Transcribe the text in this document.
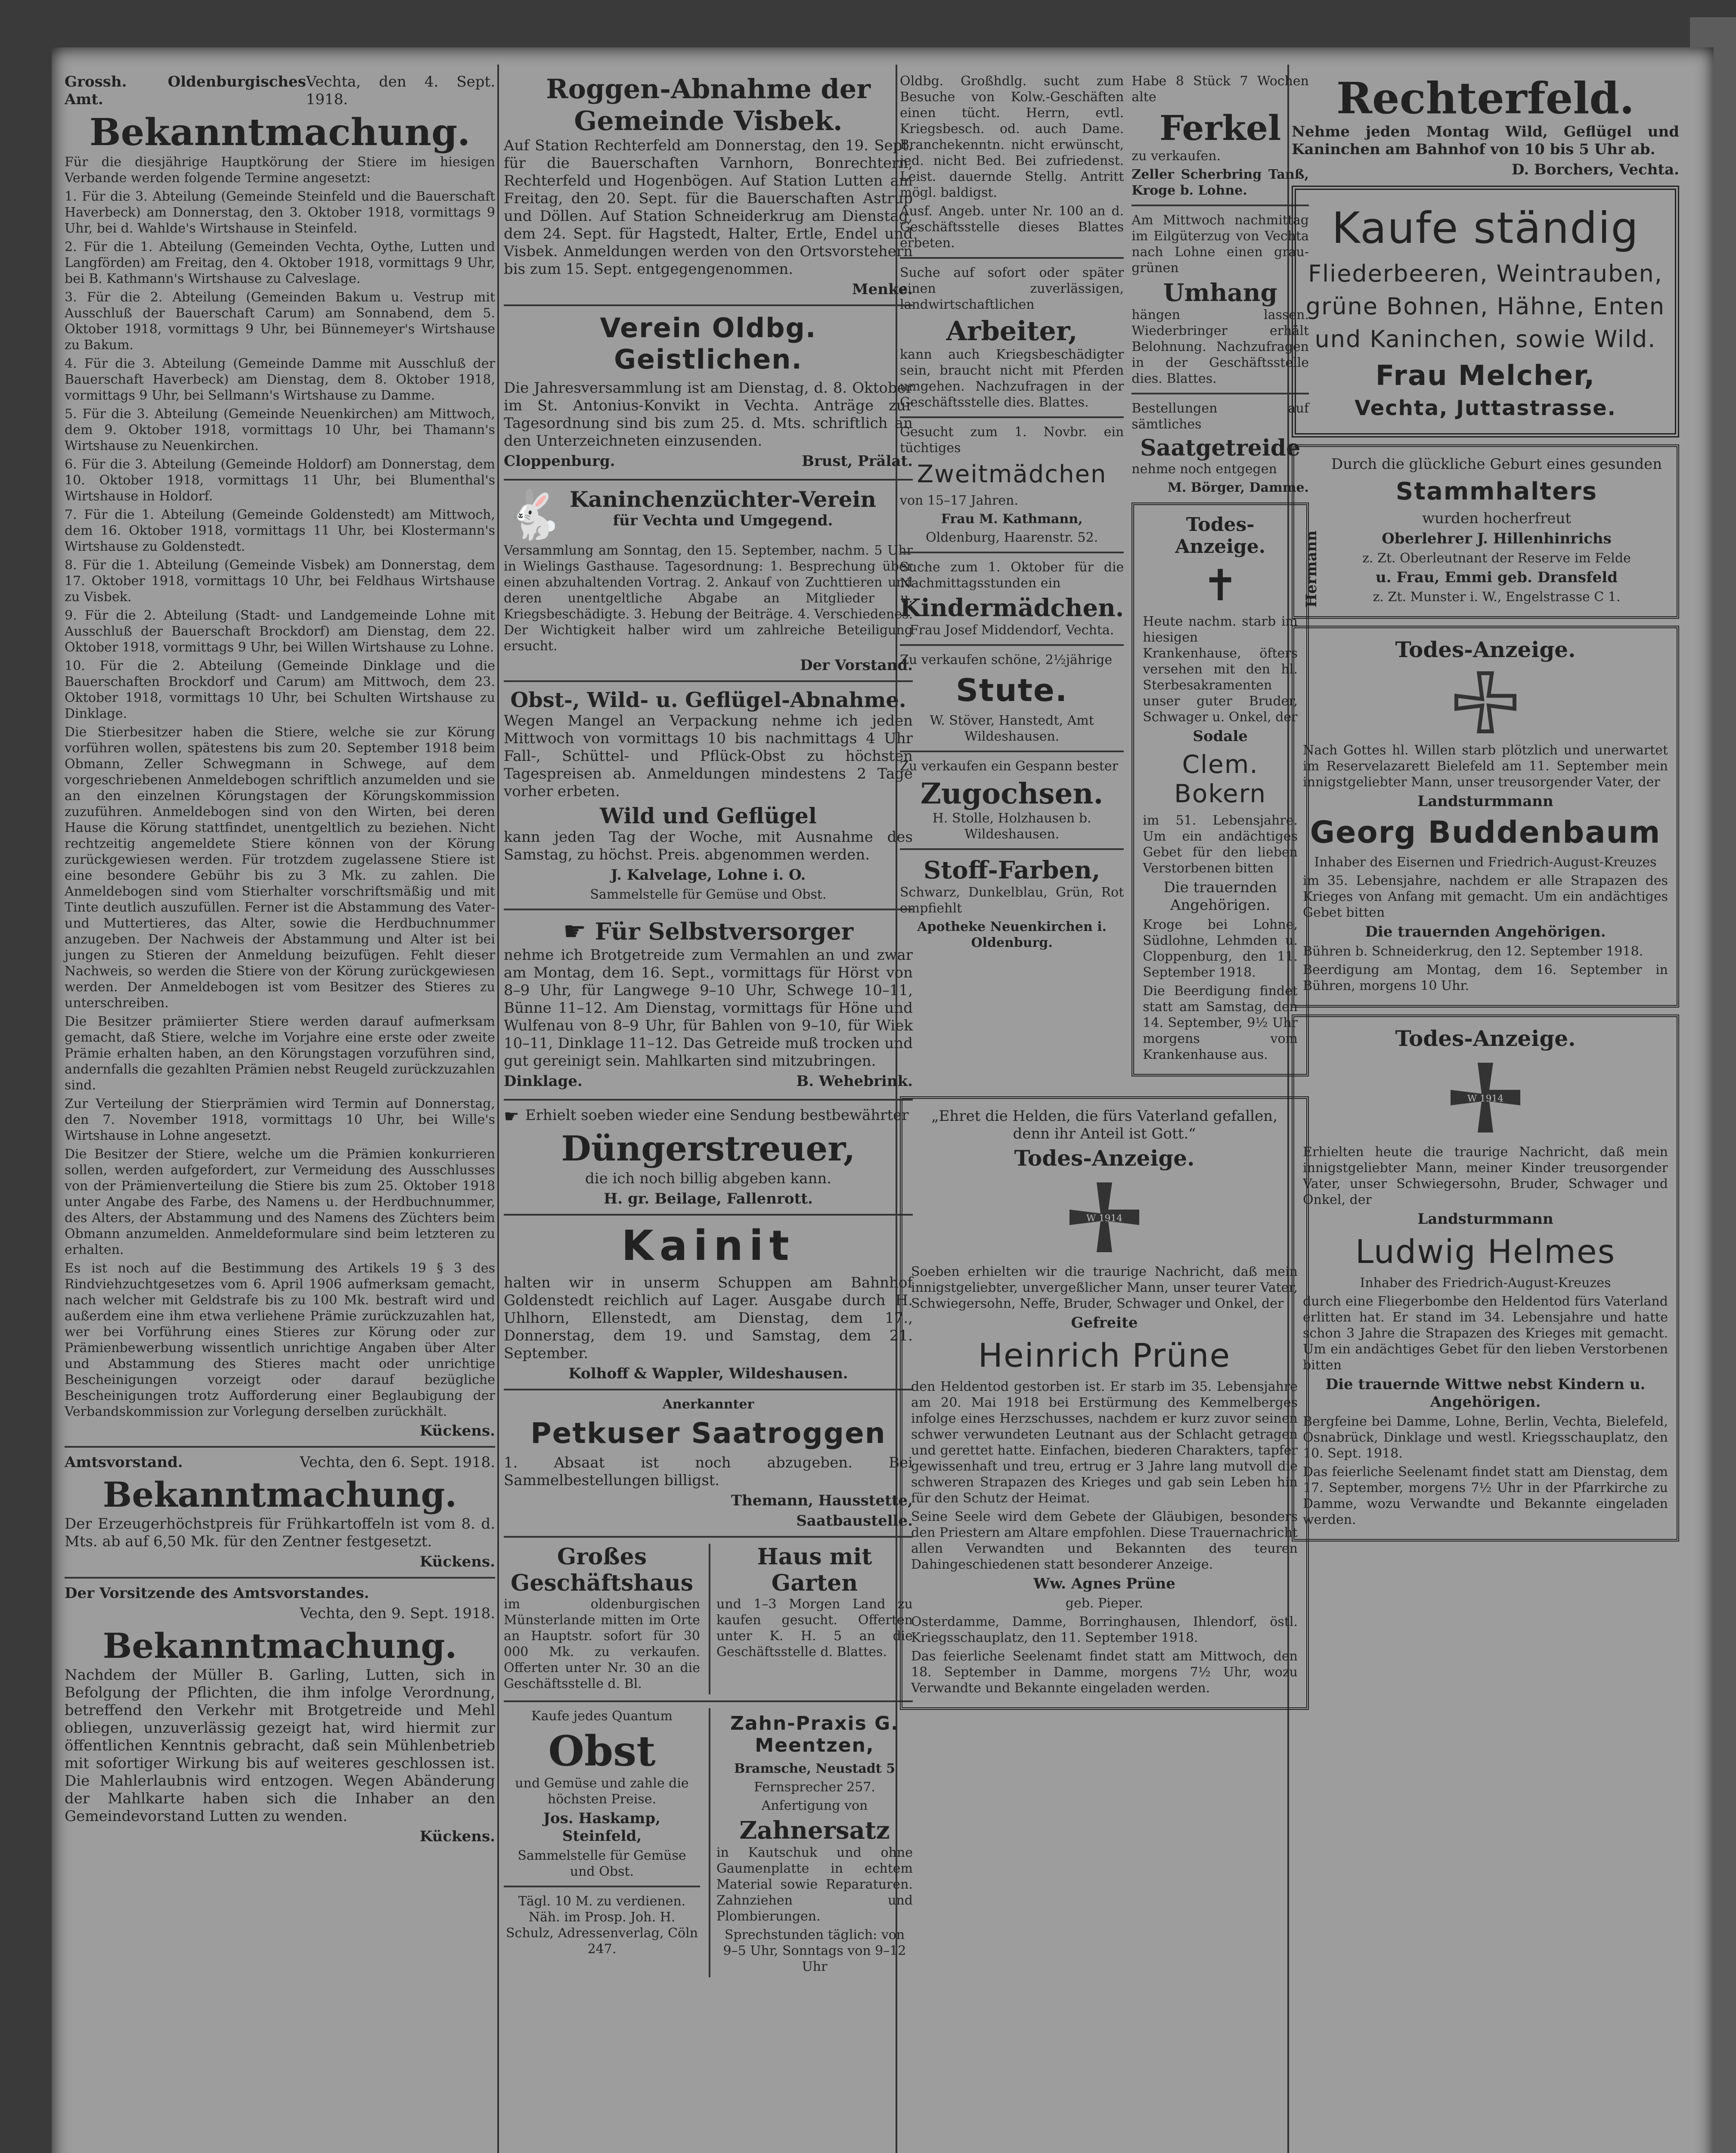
Grossh. Oldenburgisches Amt.
Vechta, den 4. Sept. 1918.
Bekanntmachung.
Für die diesjährige Hauptkörung der Stiere im hiesigen Verbande werden folgende Termine angesetzt:
1. Für die 3. Abteilung (Gemeinde Steinfeld und die Bauerschaft Haverbeck) am Donnerstag, den 3. Oktober 1918, vormittags 9 Uhr, bei d. Wahlde's Wirtshause in Steinfeld.
2. Für die 1. Abteilung (Gemeinden Vechta, Oythe, Lutten und Langförden) am Freitag, den 4. Oktober 1918, vormittags 9 Uhr, bei B. Kathmann's Wirtshause zu Calveslage.
3. Für die 2. Abteilung (Gemeinden Bakum u. Vestrup mit Ausschluß der Bauerschaft Carum) am Sonnabend, dem 5. Oktober 1918, vormittags 9 Uhr, bei Bünnemeyer's Wirtshause zu Bakum.
4. Für die 3. Abteilung (Gemeinde Damme mit Ausschluß der Bauerschaft Haverbeck) am Dienstag, dem 8. Oktober 1918, vormittags 9 Uhr, bei Sellmann's Wirtshause zu Damme.
5. Für die 3. Abteilung (Gemeinde Neuenkirchen) am Mittwoch, dem 9. Oktober 1918, vormittags 10 Uhr, bei Thamann's Wirtshause zu Neuenkirchen.
6. Für die 3. Abteilung (Gemeinde Holdorf) am Donnerstag, dem 10. Oktober 1918, vormittags 11 Uhr, bei Blumenthal's Wirtshause in Holdorf.
7. Für die 1. Abteilung (Gemeinde Goldenstedt) am Mittwoch, dem 16. Oktober 1918, vormittags 11 Uhr, bei Klostermann's Wirtshause zu Goldenstedt.
8. Für die 1. Abteilung (Gemeinde Visbek) am Donnerstag, dem 17. Oktober 1918, vormittags 10 Uhr, bei Feldhaus Wirtshause zu Visbek.
9. Für die 2. Abteilung (Stadt- und Landgemeinde Lohne mit Ausschluß der Bauerschaft Brockdorf) am Dienstag, dem 22. Oktober 1918, vormittags 9 Uhr, bei Willen Wirtshause zu Lohne.
10. Für die 2. Abteilung (Gemeinde Dinklage und die Bauerschaften Brockdorf und Carum) am Mittwoch, dem 23. Oktober 1918, vormittags 10 Uhr, bei Schulten Wirtshause zu Dinklage.
Die Stierbesitzer haben die Stiere, welche sie zur Körung vorführen wollen, spätestens bis zum 20. September 1918 beim Obmann, Zeller Schwegmann in Schwege, auf dem vorgeschriebenen Anmeldebogen schriftlich anzumelden und sie an den einzelnen Körungstagen der Körungskommission zuzuführen. Anmeldebogen sind von den Wirten, bei deren Hause die Körung stattfindet, unentgeltlich zu beziehen. Nicht rechtzeitig angemeldete Stiere können von der Körung zurückgewiesen werden. Für trotzdem zugelassene Stiere ist eine besondere Gebühr bis zu 3 Mk. zu zahlen. Die Anmeldebogen sind vom Stierhalter vorschriftsmäßig und mit Tinte deutlich auszufüllen. Ferner ist die Abstammung des Vater- und Muttertieres, das Alter, sowie die Herdbuchnummer anzugeben. Der Nachweis der Abstammung und Alter ist bei jungen zu Stieren der Anmeldung beizufügen. Fehlt dieser Nachweis, so werden die Stiere von der Körung zurückgewiesen werden. Der Anmeldebogen ist vom Besitzer des Stieres zu unterschreiben.
Die Besitzer prämiierter Stiere werden darauf aufmerksam gemacht, daß Stiere, welche im Vorjahre eine erste oder zweite Prämie erhalten haben, an den Körungstagen vorzuführen sind, andernfalls die gezahlten Prämien nebst Reugeld zurückzuzahlen sind.
Zur Verteilung der Stierprämien wird Termin auf Donnerstag, den 7. November 1918, vormittags 10 Uhr, bei Wille's Wirtshause in Lohne angesetzt.
Die Besitzer der Stiere, welche um die Prämien konkurrieren sollen, werden aufgefordert, zur Vermeidung des Ausschlusses von der Prämienverteilung die Stiere bis zum 25. Oktober 1918 unter Angabe des Farbe, des Namens u. der Herdbuchnummer, des Alters, der Abstammung und des Namens des Züchters beim Obmann anzumelden. Anmeldeformulare sind beim letzteren zu erhalten.
Es ist noch auf die Bestimmung des Artikels 19 § 3 des Rindviehzuchtgesetzes vom 6. April 1906 aufmerksam gemacht, nach welcher mit Geldstrafe bis zu 100 Mk. bestraft wird und außerdem eine ihm etwa verliehene Prämie zurückzuzahlen hat, wer bei Vorführung eines Stieres zur Körung oder zur Prämienbewerbung wissentlich unrichtige Angaben über Alter und Abstammung des Stieres macht oder unrichtige Bescheinigungen vorzeigt oder darauf bezügliche Bescheinigungen trotz Aufforderung einer Beglaubigung der Verbandskommission zur Vorlegung derselben zurückhält.
Kückens.
Amtsvorstand.	Vechta, den 6. Sept. 1918.
Bekanntmachung.
Der Erzeugerhöchstpreis für Frühkartoffeln ist vom 8. d. Mts. ab auf 6,50 Mk. für den Zentner festgesetzt.
Kückens.
Der Vorsitzende des Amtsvorstandes.
Vechta, den 9. Sept. 1918.
Bekanntmachung.
Nachdem der Müller B. Garling, Lutten, sich in Befolgung der Pflichten, die ihm infolge Verordnung, betreffend den Verkehr mit Brotgetreide und Mehl obliegen, unzuverlässig gezeigt hat, wird hiermit zur öffentlichen Kenntnis gebracht, daß sein Mühlenbetrieb mit sofortiger Wirkung bis auf weiteres geschlossen ist. Die Mahlerlaubnis wird entzogen. Wegen Abänderung der Mahlkarte haben sich die Inhaber an den Gemeindevorstand Lutten zu wenden.
Kückens.
Roggen-Abnahme der Gemeinde Visbek.
Auf Station Rechterfeld am Donnerstag, den 19. Sept. für die Bauerschaften Varnhorn, Bonrechtern, Rechterfeld und Hogenbögen. Auf Station Lutten am Freitag, den 20. Sept. für die Bauerschaften Astrup und Döllen. Auf Station Schneiderkrug am Dienstag, dem 24. Sept. für Hagstedt, Halter, Ertle, Endel und Visbek. Anmeldungen werden von den Ortsvorstehern bis zum 15. Sept. entgegengenommen.
Menke.
Verein Oldbg. Geistlichen.
Die Jahresversammlung ist am Dienstag, d. 8. Oktober im St. Antonius-Konvikt in Vechta. Anträge zur Tagesordnung sind bis zum 25. d. Mts. schriftlich an den Unterzeichneten einzusenden.
Cloppenburg.	Brust, Prälat.
🐇 Kaninchenzüchter-Verein
für Vechta und Umgegend.
Versammlung am Sonntag, den 15. September, nachm. 5 Uhr in Wielings Gasthause. Tagesordnung: 1. Besprechung über einen abzuhaltenden Vortrag. 2. Ankauf von Zuchttieren und deren unentgeltliche Abgabe an Mitglieder u. Kriegsbeschädigte. 3. Hebung der Beiträge. 4. Verschiedenes. Der Wichtigkeit halber wird um zahlreiche Beteiligung ersucht.
Der Vorstand.
Obst-, Wild- u. Geflügel-Abnahme.
Wegen Mangel an Verpackung nehme ich jeden Mittwoch von vormittags 10 bis nachmittags 4 Uhr Fall-, Schüttel- und Pflück-Obst zu höchsten Tagespreisen ab. Anmeldungen mindestens 2 Tage vorher erbeten.
Wild und Geflügel
kann jeden Tag der Woche, mit Ausnahme des Samstag, zu höchst. Preis. abgenommen werden.
J. Kalvelage, Lohne i. O.
Sammelstelle für Gemüse und Obst.
☛ Für Selbstversorger
nehme ich Brotgetreide zum Vermahlen an und zwar am Montag, dem 16. Sept., vormittags für Hörst von 8–9 Uhr, für Langwege 9–10 Uhr, Schwege 10–11, Bünne 11–12. Am Dienstag, vormittags für Höne und Wulfenau von 8–9 Uhr, für Bahlen von 9–10, für Wiek 10–11, Dinklage 11–12. Das Getreide muß trocken und gut gereinigt sein. Mahlkarten sind mitzubringen.
Dinklage.	B. Wehebrink.
☛ Erhielt soeben wieder eine Sendung bestbewährter
Düngerstreuer,
die ich noch billig abgeben kann.
H. gr. Beilage, Fallenrott.
Kainit
halten wir in unserm Schuppen am Bahnhof Goldenstedt reichlich auf Lager. Ausgabe durch H. Uhlhorn, Ellenstedt, am Dienstag, dem 17., Donnerstag, dem 19. und Samstag, dem 21. September.
Kolhoff & Wappler, Wildeshausen.
Anerkannter
Petkuser Saatroggen
1. Absaat ist noch abzugeben. Bei Sammelbestellungen billigst.
Themann, Hausstette,
Saatbaustelle.
Großes Geschäftshaus
im oldenburgischen Münsterlande mitten im Orte an Hauptstr. sofort für 30 000 Mk. zu verkaufen. Offerten unter Nr. 30 an die Geschäftsstelle d. Bl.
Haus mit Garten
und 1–3 Morgen Land zu kaufen gesucht. Offerten unter K. H. 5 an die Geschäftsstelle d. Blattes.
Kaufe jedes Quantum
Obst
und Gemüse und zahle die höchsten Preise.
Jos. Haskamp, Steinfeld,
Sammelstelle für Gemüse und Obst.
Tägl. 10 M. zu verdienen. Näh. im Prosp. Joh. H. Schulz, Adressenverlag, Cöln 247.
Zahn-Praxis G. Meentzen,
Bramsche, Neustadt 5
Fernsprecher 257.
Anfertigung von
Zahnersatz
in Kautschuk und ohne Gaumenplatte in echtem Material sowie Reparaturen. Zahnziehen und Plombierungen.
Sprechstunden täglich: von 9–5 Uhr, Sonntags von 9–12 Uhr
Oldbg. Großhdlg. sucht zum Besuche von Kolw.-Geschäften einen tücht. Herrn, evtl. Kriegsbesch. od. auch Dame. Branchekenntn. nicht erwünscht, jed. nicht Bed. Bei zufriedenst. Leist. dauernde Stellg. Antritt mögl. baldigst.
Ausf. Angeb. unter Nr. 100 an d. Geschäftsstelle dieses Blattes erbeten.
Suche auf sofort oder später einen zuverlässigen, landwirtschaftlichen
Arbeiter,
kann auch Kriegsbeschädigter sein, braucht nicht mit Pferden umgehen. Nachzufragen in der Geschäftsstelle dies. Blattes.
Gesucht zum 1. Novbr. ein tüchtiges
Zweitmädchen
von 15–17 Jahren.
Frau M. Kathmann,
Oldenburg, Haarenstr. 52.
Suche zum 1. Oktober für die Nachmittagsstunden ein
Kindermädchen.
Frau Josef Middendorf, Vechta.
Zu verkaufen schöne, 2½jährige
Stute.
W. Stöver, Hanstedt, Amt Wildeshausen.
Zu verkaufen ein Gespann bester
Zugochsen.
H. Stolle, Holzhausen b. Wildeshausen.
Stoff-Farben,
Schwarz, Dunkelblau, Grün, Rot empfiehlt
Apotheke Neuenkirchen i. Oldenburg.
Habe 8 Stück 7 Wochen alte
Ferkel
zu verkaufen.
Zeller Scherbring Tanß, Kroge b. Lohne.
Am Mittwoch nachmittag im Eilgüterzug von Vechta nach Lohne einen grau-grünen
Umhang
hängen lassen. Wiederbringer erhält Belohnung. Nachzufragen in der Geschäftsstelle dies. Blattes.
Bestellungen auf sämtliches
Saatgetreide
nehme noch entgegen
M. Börger, Damme.
Todes-Anzeige.
✝
Heute nachm. starb im hiesigen Krankenhause, öfters versehen mit den hl. Sterbesakramenten unser guter Bruder, Schwager u. Onkel, der
Sodale
Clem. Bokern
im 51. Lebensjahre. Um ein andächtiges Gebet für den lieben Verstorbenen bitten
Die trauernden Angehörigen.
Kroge bei Lohne, Südlohne, Lehmden u. Cloppenburg, den 11. September 1918.
Die Beerdigung findet statt am Samstag, den 14. September, 9½ Uhr morgens vom Krankenhause aus.
„Ehret die Helden, die fürs Vaterland gefallen, denn ihr Anteil ist Gott.“
Todes-Anzeige.
W 1914
Soeben erhielten wir die traurige Nachricht, daß mein innigstgeliebter, unvergeßlicher Mann, unser teurer Vater, Schwiegersohn, Neffe, Bruder, Schwager und Onkel, der
Gefreite
Heinrich Prüne
den Heldentod gestorben ist. Er starb im 35. Lebensjahre am 20. Mai 1918 bei Erstürmung des Kemmelberges infolge eines Herzschusses, nachdem er kurz zuvor seinen schwer verwundeten Leutnant aus der Schlacht getragen und gerettet hatte. Einfachen, biederen Charakters, tapfer gewissenhaft und treu, ertrug er 3 Jahre lang mutvoll die schweren Strapazen des Krieges und gab sein Leben hin für den Schutz der Heimat.
Seine Seele wird dem Gebete der Gläubigen, besonders den Priestern am Altare empfohlen. Diese Trauernachricht allen Verwandten und Bekannten des teuren Dahingeschiedenen statt besonderer Anzeige.
Ww. Agnes Prüne
geb. Pieper.
Osterdamme, Damme, Borringhausen, Ihlendorf, östl. Kriegsschauplatz, den 11. September 1918.
Das feierliche Seelenamt findet statt am Mittwoch, den 18. September in Damme, morgens 7½ Uhr, wozu Verwandte und Bekannte eingeladen werden.
Rechterfeld.
Nehme jeden Montag Wild, Geflügel und Kaninchen am Bahnhof von 10 bis 5 Uhr ab.
D. Borchers, Vechta.
Kaufe ständig
Fliederbeeren, Weintrauben, grüne Bohnen, Hähne, Enten und Kaninchen, sowie Wild.
Frau Melcher,
Vechta, Juttastrasse.
Hermann
Durch die glückliche Geburt eines gesunden
Stammhalters
wurden hocherfreut
Oberlehrer J. Hillenhinrichs
z. Zt. Oberleutnant der Reserve im Felde
u. Frau, Emmi geb. Dransfeld
z. Zt. Munster i. W., Engelstrasse C 1.
Todes-Anzeige.
Nach Gottes hl. Willen starb plötzlich und unerwartet im Reservelazarett Bielefeld am 11. September mein innigstgeliebter Mann, unser treusorgender Vater, der
Landsturmmann
Georg Buddenbaum
Inhaber des Eisernen und Friedrich-August-Kreuzes
im 35. Lebensjahre, nachdem er alle Strapazen des Krieges von Anfang mit gemacht. Um ein andächtiges Gebet bitten
Die trauernden Angehörigen.
Bühren b. Schneiderkrug, den 12. September 1918.
Beerdigung am Montag, dem 16. September in Bühren, morgens 10 Uhr.
Todes-Anzeige.
W 1914
Erhielten heute die traurige Nachricht, daß mein innigstgeliebter Mann, meiner Kinder treusorgender Vater, unser Schwiegersohn, Bruder, Schwager und Onkel, der
Landsturmmann
Ludwig Helmes
Inhaber des Friedrich-August-Kreuzes
durch eine Fliegerbombe den Heldentod fürs Vaterland erlitten hat. Er stand im 34. Lebensjahre und hatte schon 3 Jahre die Strapazen des Krieges mit gemacht. Um ein andächtiges Gebet für den lieben Verstorbenen bitten
Die trauernde Wittwe nebst Kindern u. Angehörigen.
Bergfeine bei Damme, Lohne, Berlin, Vechta, Bielefeld, Osnabrück, Dinklage und westl. Kriegsschauplatz, den 10. Sept. 1918.
Das feierliche Seelenamt findet statt am Dienstag, dem 17. September, morgens 7½ Uhr in der Pfarrkirche zu Damme, wozu Verwandte und Bekannte eingeladen werden.
